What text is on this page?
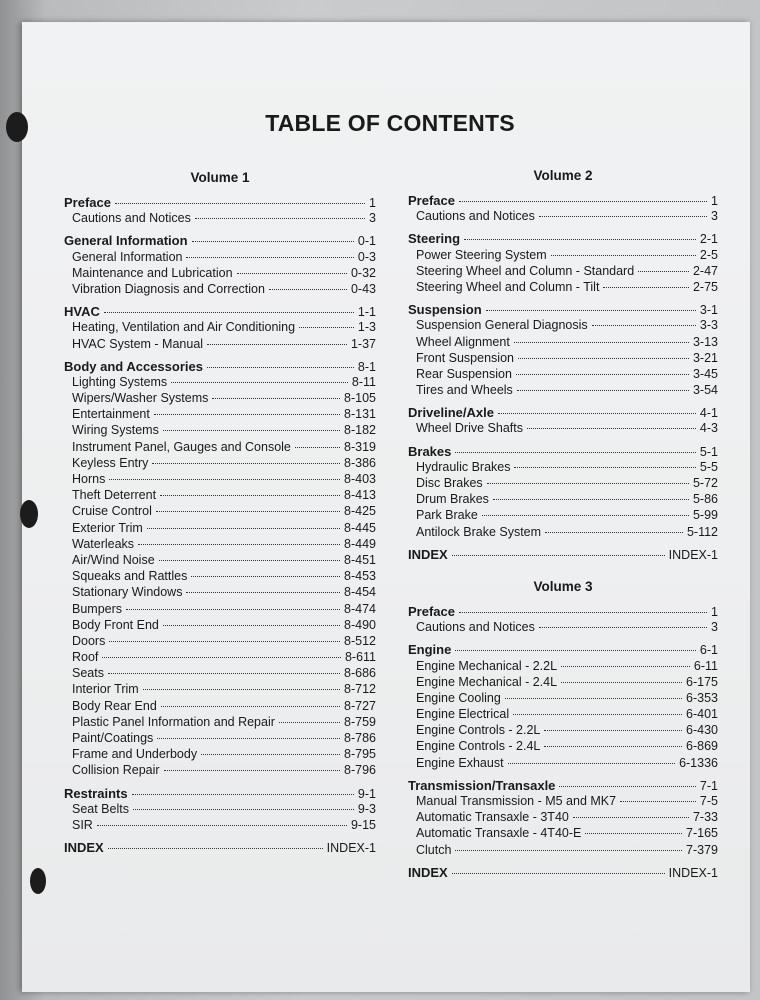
TABLE OF CONTENTS
Volume 1
Preface	1
Cautions and Notices	3
General Information	0-1
General Information	0-3
Maintenance and Lubrication	0-32
Vibration Diagnosis and Correction	0-43
HVAC	1-1
Heating, Ventilation and Air Conditioning	1-3
HVAC System - Manual	1-37
Body and Accessories	8-1
Lighting Systems	8-11
Wipers/Washer Systems	8-105
Entertainment	8-131
Wiring Systems	8-182
Instrument Panel, Gauges and Console	8-319
Keyless Entry	8-386
Horns	8-403
Theft Deterrent	8-413
Cruise Control	8-425
Exterior Trim	8-445
Waterleaks	8-449
Air/Wind Noise	8-451
Squeaks and Rattles	8-453
Stationary Windows	8-454
Bumpers	8-474
Body Front End	8-490
Doors	8-512
Roof	8-611
Seats	8-686
Interior Trim	8-712
Body Rear End	8-727
Plastic Panel Information and Repair	8-759
Paint/Coatings	8-786
Frame and Underbody	8-795
Collision Repair	8-796
Restraints	9-1
Seat Belts	9-3
SIR	9-15
INDEX	INDEX-1
Volume 2
Preface	1
Cautions and Notices	3
Steering	2-1
Power Steering System	2-5
Steering Wheel and Column - Standard	2-47
Steering Wheel and Column - Tilt	2-75
Suspension	3-1
Suspension General Diagnosis	3-3
Wheel Alignment	3-13
Front Suspension	3-21
Rear Suspension	3-45
Tires and Wheels	3-54
Driveline/Axle	4-1
Wheel Drive Shafts	4-3
Brakes	5-1
Hydraulic Brakes	5-5
Disc Brakes	5-72
Drum Brakes	5-86
Park Brake	5-99
Antilock Brake System	5-112
INDEX	INDEX-1
Volume 3
Preface	1
Cautions and Notices	3
Engine	6-1
Engine Mechanical - 2.2L	6-11
Engine Mechanical - 2.4L	6-175
Engine Cooling	6-353
Engine Electrical	6-401
Engine Controls - 2.2L	6-430
Engine Controls - 2.4L	6-869
Engine Exhaust	6-1336
Transmission/Transaxle	7-1
Manual Transmission - M5 and MK7	7-5
Automatic Transaxle - 3T40	7-33
Automatic Transaxle - 4T40-E	7-165
Clutch	7-379
INDEX	INDEX-1
